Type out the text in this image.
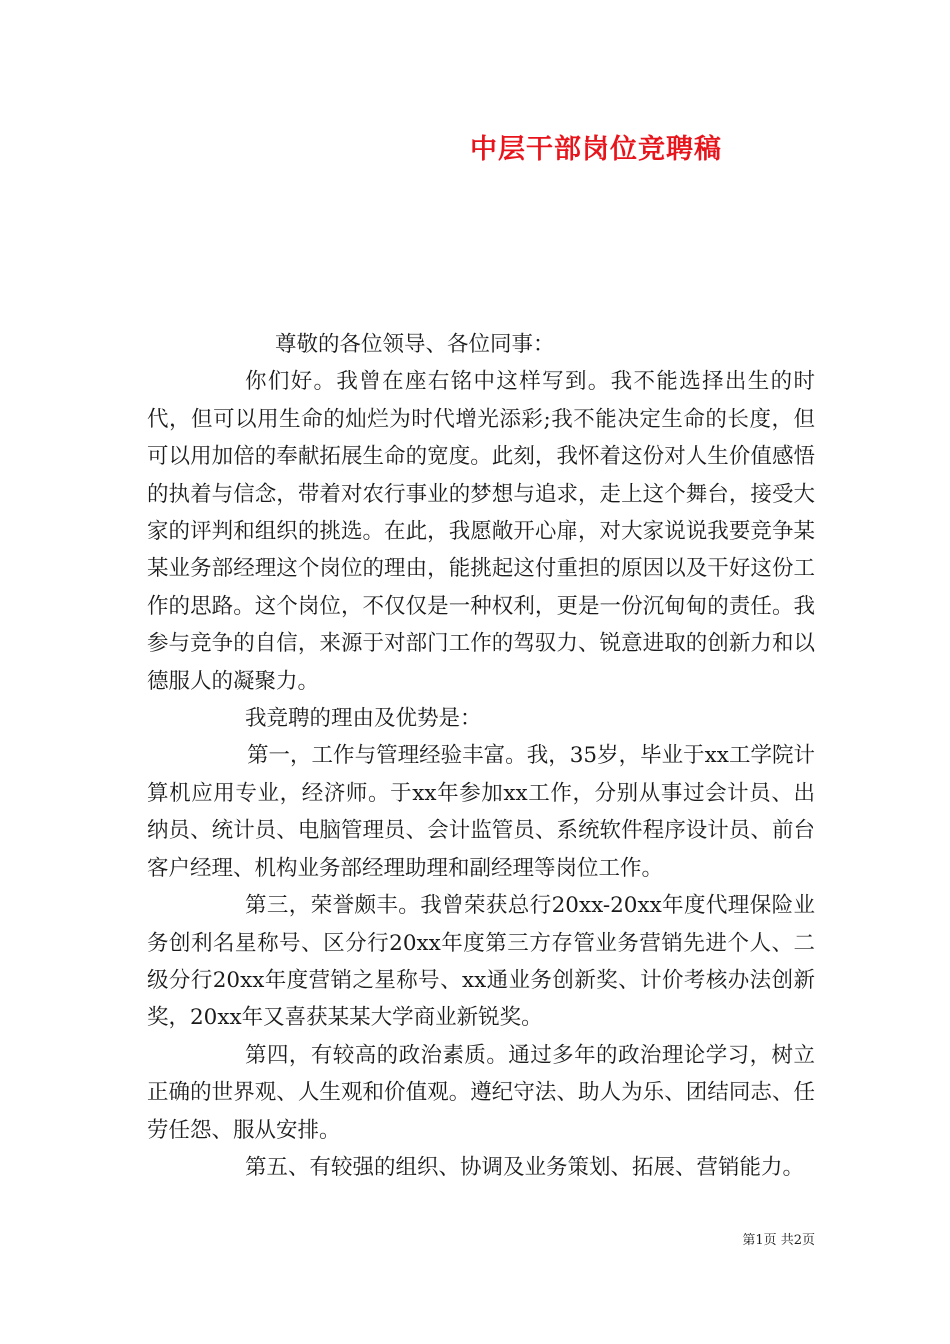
中层干部岗位竞聘稿

尊敬的各位领导、各位同事：

你们好。我曾在座右铭中这样写到。我不能选择出生的时代，但可以用生命的灿烂为时代增光添彩;我不能决定生命的长度，但可以用加倍的奉献拓展生命的宽度。此刻，我怀着这份对人生价值感悟的执着与信念，带着对农行事业的梦想与追求，走上这个舞台，接受大家的评判和组织的挑选。在此，我愿敞开心扉，对大家说说我要竞争某某业务部经理这个岗位的理由，能挑起这付重担的原因以及干好这份工作的思路。这个岗位，不仅仅是一种权利，更是一份沉甸甸的责任。我参与竞争的自信，来源于对部门工作的驾驭力、锐意进取的创新力和以德服人的凝聚力。

我竞聘的理由及优势是：

第一，工作与管理经验丰富。我，35岁，毕业于xx工学院计算机应用专业，经济师。于xx年参加xx工作，分别从事过会计员、出纳员、统计员、电脑管理员、会计监管员、系统软件程序设计员、前台客户经理、机构业务部经理助理和副经理等岗位工作。

第三，荣誉颇丰。我曾荣获总行20xx-20xx年度代理保险业务创利名星称号、区分行20xx年度第三方存管业务营销先进个人、二级分行20xx年度营销之星称号、xx通业务创新奖、计价考核办法创新奖，20xx年又喜获某某大学商业新锐奖。

第四，有较高的政治素质。通过多年的政治理论学习，树立正确的世界观、人生观和价值观。遵纪守法、助人为乐、团结同志、任劳任怨、服从安排。

第五、有较强的组织、协调及业务策划、拓展、营销能力。

第1页 共2页
